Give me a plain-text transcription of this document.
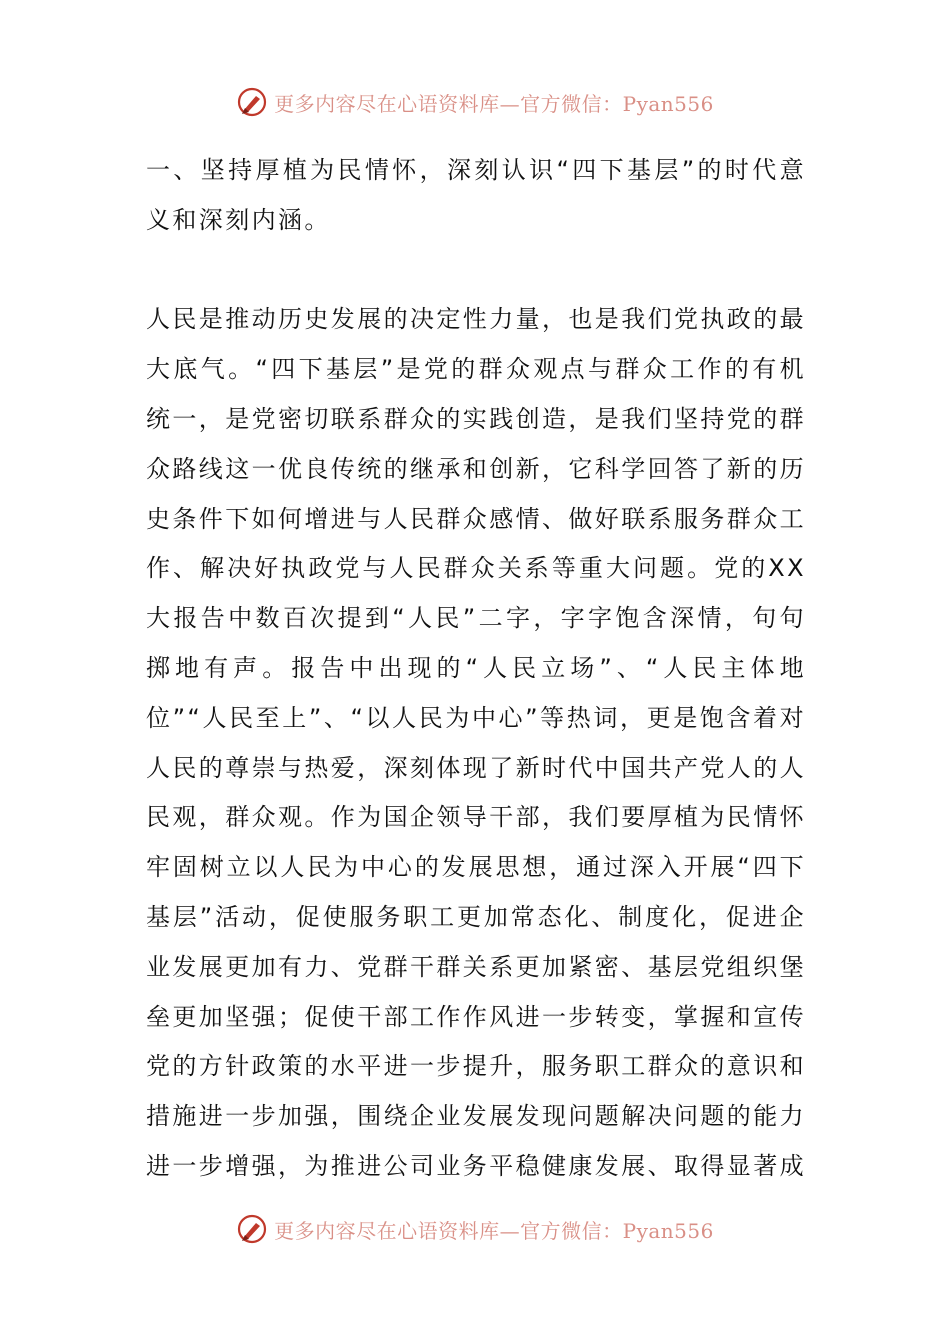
更多内容尽在心语资料库—官方微信：Pyan556

一、坚持厚植为民情怀，深刻认识“四下基层”的时代意义和深刻内涵。

人民是推动历史发展的决定性力量，也是我们党执政的最大底气。“四下基层”是党的群众观点与群众工作的有机统一，是党密切联系群众的实践创造，是我们坚持党的群众路线这一优良传统的继承和创新，它科学回答了新的历史条件下如何增进与人民群众感情、做好联系服务群众工作、解决好执政党与人民群众关系等重大问题。党的XX大报告中数百次提到“人民”二字，字字饱含深情，句句掷地有声。报告中出现的“人民立场”、“人民主体地位”“人民至上”、“以人民为中心”等热词，更是饱含着对人民的尊崇与热爱，深刻体现了新时代中国共产党人的人民观，群众观。作为国企领导干部，我们要厚植为民情怀牢固树立以人民为中心的发展思想，通过深入开展“四下基层”活动，促使服务职工更加常态化、制度化，促进企业发展更加有力、党群干群关系更加紧密、基层党组织堡垒更加坚强；促使干部工作作风进一步转变，掌握和宣传党的方针政策的水平进一步提升，服务职工群众的意识和措施进一步加强，围绕企业发展发现问题解决问题的能力进一步增强，为推进公司业务平稳健康发展、取得显著成

更多内容尽在心语资料库—官方微信：Pyan556
